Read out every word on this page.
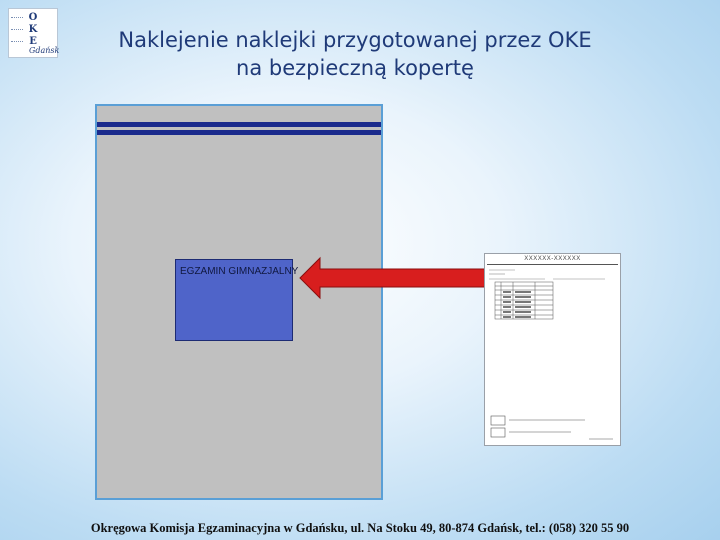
O
K
E
Gdańsk	Naklejenie naklejki przygotowanej przez OKE
na bezpieczną kopertę
EGZAMIN GIMNAZJALNY
XXXXXX-XXXXXX
Okręgowa Komisja Egzaminacyjna w Gdańsku, ul. Na Stoku 49, 80-874 Gdańsk, tel.: (058) 320 55 90
